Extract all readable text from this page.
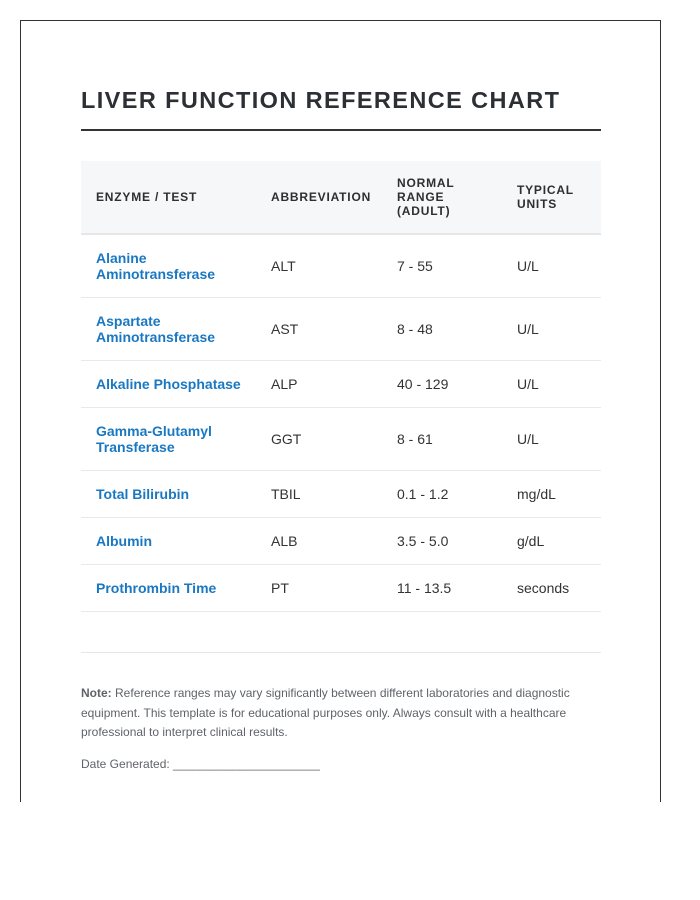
LIVER FUNCTION REFERENCE CHART
ENZYME / TEST	ABBREVIATION	NORMAL RANGE (ADULT)	TYPICAL UNITS
Alanine Aminotransferase	ALT	7 - 55	U/L
Aspartate Aminotransferase	AST	8 - 48	U/L
Alkaline Phosphatase	ALP	40 - 129	U/L
Gamma-Glutamyl Transferase	GGT	8 - 61	U/L
Total Bilirubin	TBIL	0.1 - 1.2	mg/dL
Albumin	ALB	3.5 - 5.0	g/dL
Prothrombin Time	PT	11 - 13.5	seconds

Note: Reference ranges may vary significantly between different laboratories and diagnostic equipment. This template is for educational purposes only. Always consult with a healthcare professional to interpret clinical results.

Date Generated: ______________________
